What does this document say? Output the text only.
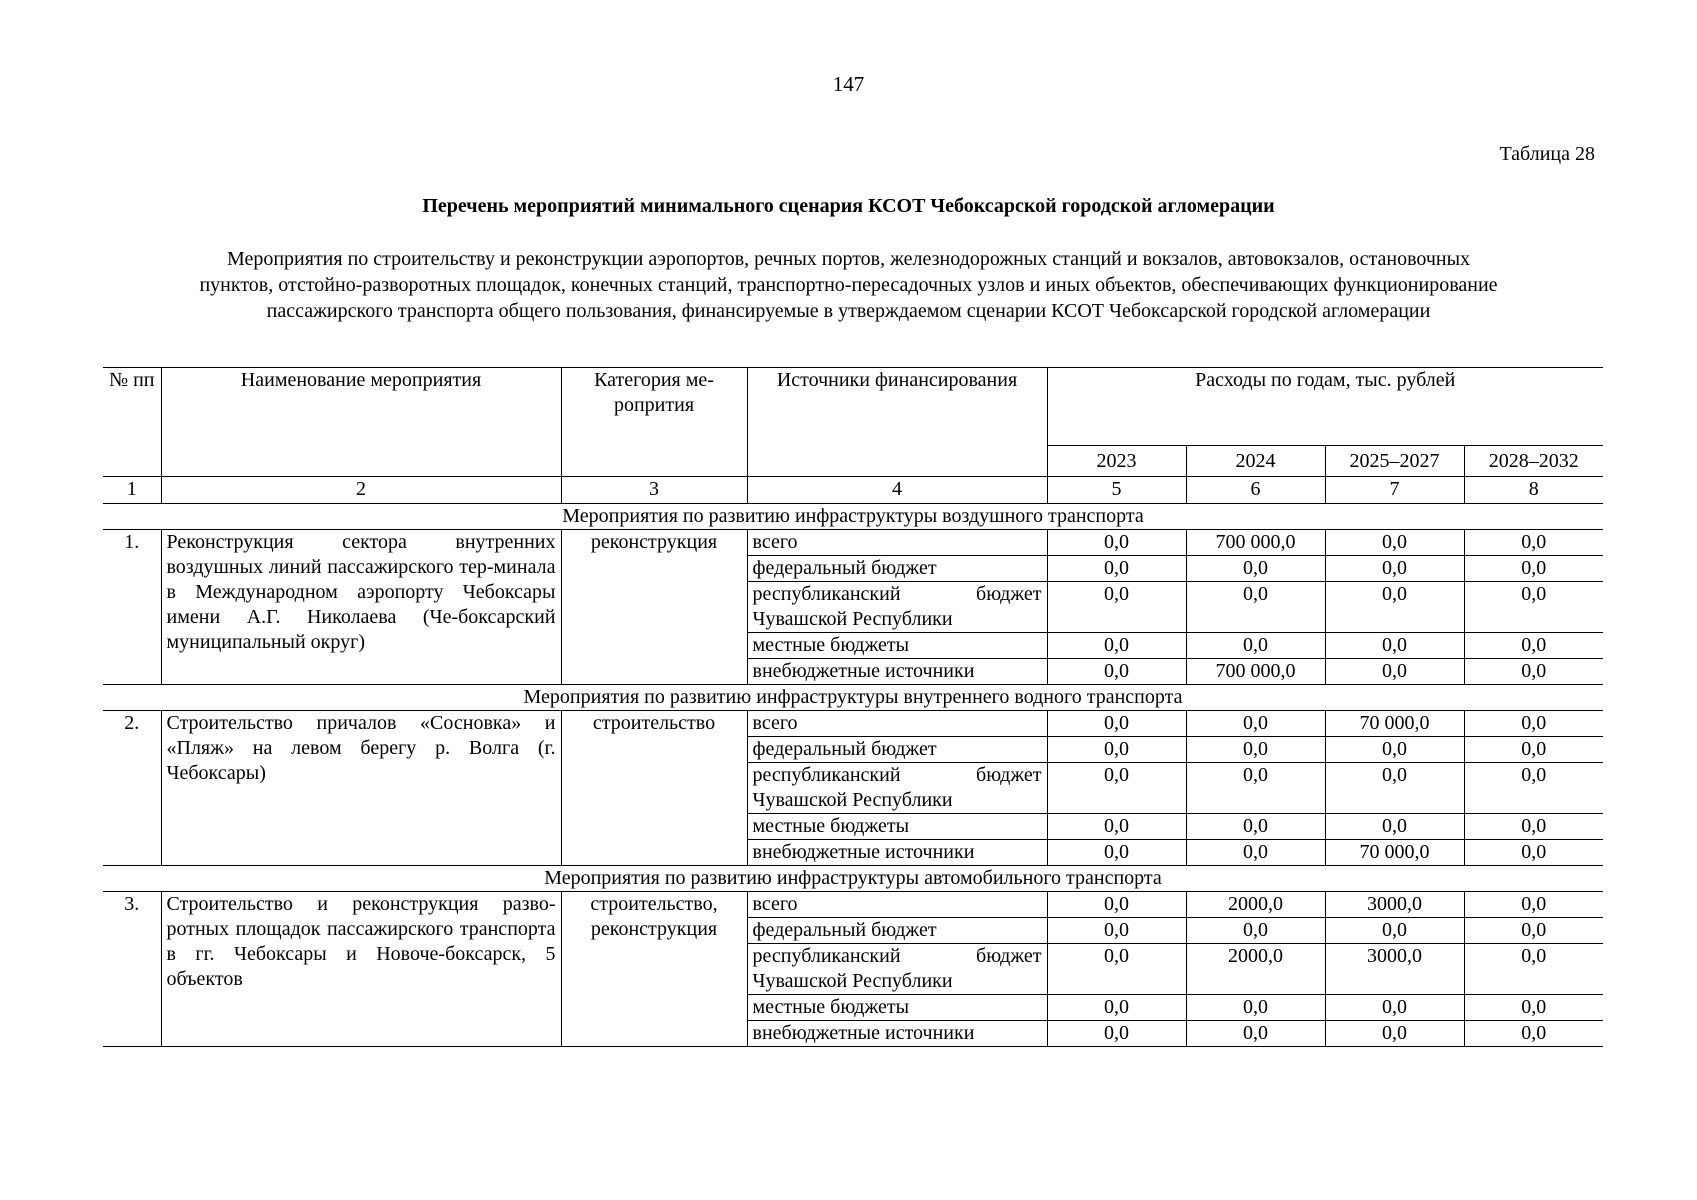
147
Таблица 28
Перечень мероприятий минимального сценария КСОТ Чебоксарской городской агломерации
Мероприятия по строительству и реконструкции аэропортов, речных портов, железнодорожных станций и вокзалов, автовокзалов, остановочных
пунктов, отстойно-разворотных площадок, конечных станций, транспортно-пересадочных узлов и иных объектов, обеспечивающих функционирование
пассажирского транспорта общего пользования, финансируемые в утверждаемом сценарии КСОТ Чебоксарской городской агломерации
№ пп	Наименование мероприятия	Категория ме-ропрития	Источники финансирования	Расходы по годам, тыс. рублей			
				2023	2024	2025–2027	2028–2032
1	2	3	4	5	6	7	8
Мероприятия по развитию инфраструктуры воздушного транспорта							
1.	Реконструкция сектора внутренних воздушных линий пассажирского тер-минала в Международном аэропорту Чебоксары имени А.Г. Николаева (Че-боксарский муниципальный округ)	реконструкция	всего	0,0	700 000,0	0,0	0,0
			федеральный бюджет	0,0	0,0	0,0	0,0
			республиканский бюджет Чувашской Республики	0,0	0,0	0,0	0,0
			местные бюджеты	0,0	0,0	0,0	0,0
			внебюджетные источники	0,0	700 000,0	0,0	0,0
Мероприятия по развитию инфраструктуры внутреннего водного транспорта							
2.	Строительство причалов «Сосновка» и «Пляж» на левом берегу р. Волга (г. Чебоксары)	строительство	всего	0,0	0,0	70 000,0	0,0
			федеральный бюджет	0,0	0,0	0,0	0,0
			республиканский бюджет Чувашской Республики	0,0	0,0	0,0	0,0
			местные бюджеты	0,0	0,0	0,0	0,0
			внебюджетные источники	0,0	0,0	70 000,0	0,0
Мероприятия по развитию инфраструктуры автомобильного транспорта							
3.	Строительство и реконструкция разво-ротных площадок пассажирского транспорта в гг. Чебоксары и Новоче-боксарск, 5 объектов	строительство, реконструкция	всего	0,0	2000,0	3000,0	0,0
			федеральный бюджет	0,0	0,0	0,0	0,0
			республиканский бюджет Чувашской Республики	0,0	2000,0	3000,0	0,0
			местные бюджеты	0,0	0,0	0,0	0,0
			внебюджетные источники	0,0	0,0	0,0	0,0
